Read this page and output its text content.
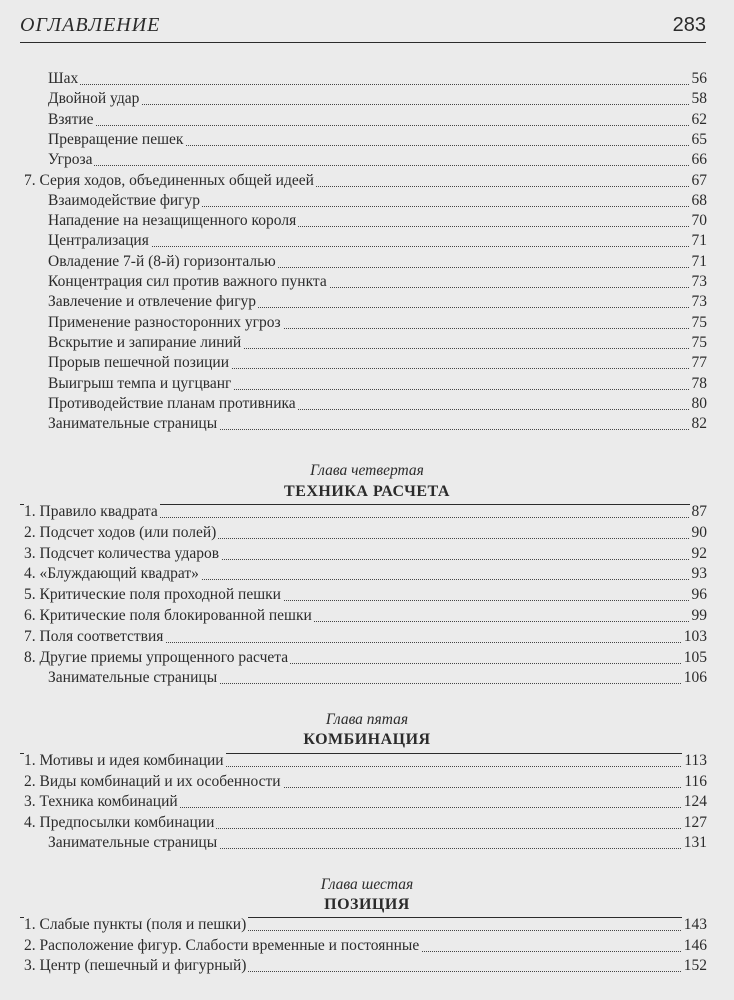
ОГЛАВЛЕНИЕ	283
Шах	56
Двойной удар	58
Взятие	62
Превращение пешек	65
Угроза	66
7. Серия ходов, объединенных общей идеей	67
Взаимодействие фигур	68
Нападение на незащищенного короля	70
Централизация	71
Овладение 7-й (8-й) горизонталью	71
Концентрация сил против важного пункта	73
Завлечение и отвлечение фигур	73
Применение разносторонних угроз	75
Вскрытие и запирание линий	75
Прорыв пешечной позиции	77
Выигрыш темпа и цугцванг	78
Противодействие планам противника	80
Занимательные страницы	82
Глава четвертая
ТЕХНИКА РАСЧЕТА
1. Правило квадрата	87
2. Подсчет ходов (или полей)	90
3. Подсчет количества ударов	92
4. «Блуждающий квадрат»	93
5. Критические поля проходной пешки	96
6. Критические поля блокированной пешки	99
7. Поля соответствия	103
8. Другие приемы упрощенного расчета	105
Занимательные страницы	106
Глава пятая
КОМБИНАЦИЯ
1. Мотивы и идея комбинации	113
2. Виды комбинаций и их особенности	116
3. Техника комбинаций	124
4. Предпосылки комбинации	127
Занимательные страницы	131
Глава шестая
ПОЗИЦИЯ
1. Слабые пункты (поля и пешки)	143
2. Расположение фигур. Слабости временные и постоянные	146
3. Центр (пешечный и фигурный)	152
